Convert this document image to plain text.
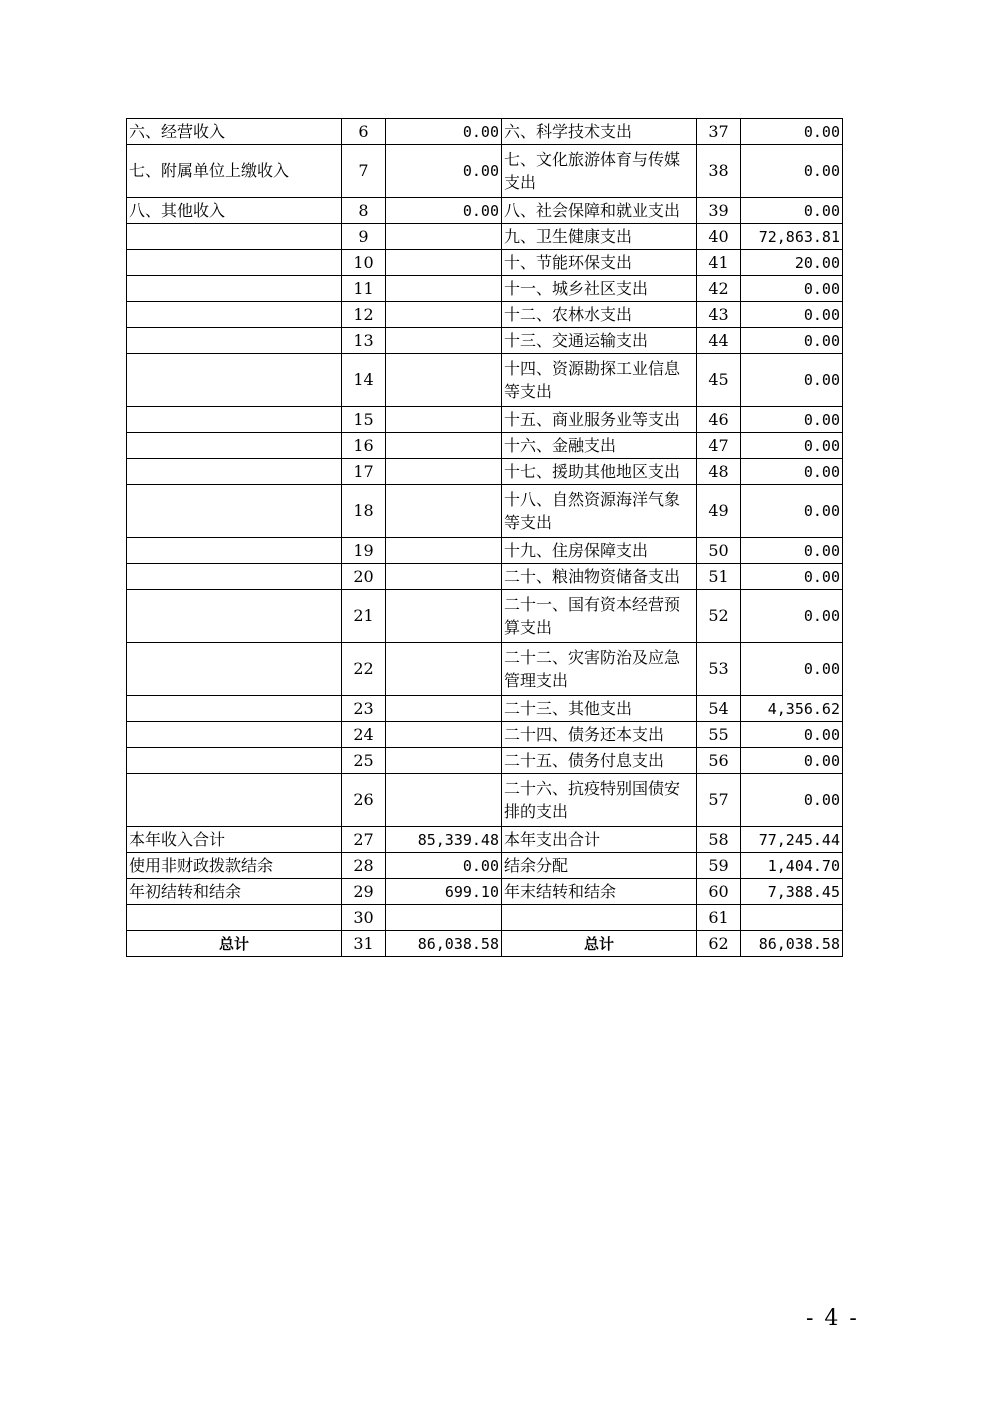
六、经营收入	6	0.00	六、科学技术支出	37	0.00
七、附属单位上缴收入	7	0.00	七、文化旅游体育与传媒支出	38	0.00
八、其他收入	8	0.00	八、社会保障和就业支出	39	0.00
	9		九、卫生健康支出	40	72,863.81
	10		十、节能环保支出	41	20.00
	11		十一、城乡社区支出	42	0.00
	12		十二、农林水支出	43	0.00
	13		十三、交通运输支出	44	0.00
	14		十四、资源勘探工业信息等支出	45	0.00
	15		十五、商业服务业等支出	46	0.00
	16		十六、金融支出	47	0.00
	17		十七、援助其他地区支出	48	0.00
	18		十八、自然资源海洋气象等支出	49	0.00
	19		十九、住房保障支出	50	0.00
	20		二十、粮油物资储备支出	51	0.00
	21		二十一、国有资本经营预算支出	52	0.00
	22		二十二、灾害防治及应急管理支出	53	0.00
	23		二十三、其他支出	54	4,356.62
	24		二十四、债务还本支出	55	0.00
	25		二十五、债务付息支出	56	0.00
	26		二十六、抗疫特别国债安排的支出	57	0.00
本年收入合计	27	85,339.48	本年支出合计	58	77,245.44
使用非财政拨款结余	28	0.00	结余分配	59	1,404.70
年初结转和结余	29	699.10	年末结转和结余	60	7,388.45
	30			61	
总计	31	86,038.58	总计	62	86,038.58
- 4 -
